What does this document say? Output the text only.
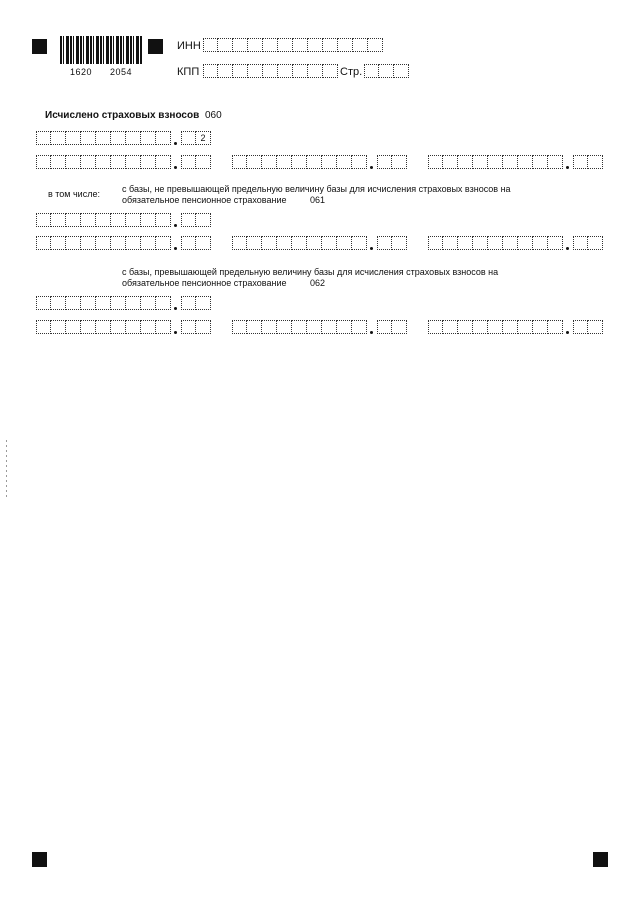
1620 2054
ИНН
КПП	Стр.
Исчислено страховых взносов 060
2
в том числе: с базы, не превышающей предельную величину базы для исчисления страховых взносов на
обязательное пенсионное страхование	061
с базы, превышающей предельную величину базы для исчисления страховых взносов на
обязательное пенсионное страхование	062
